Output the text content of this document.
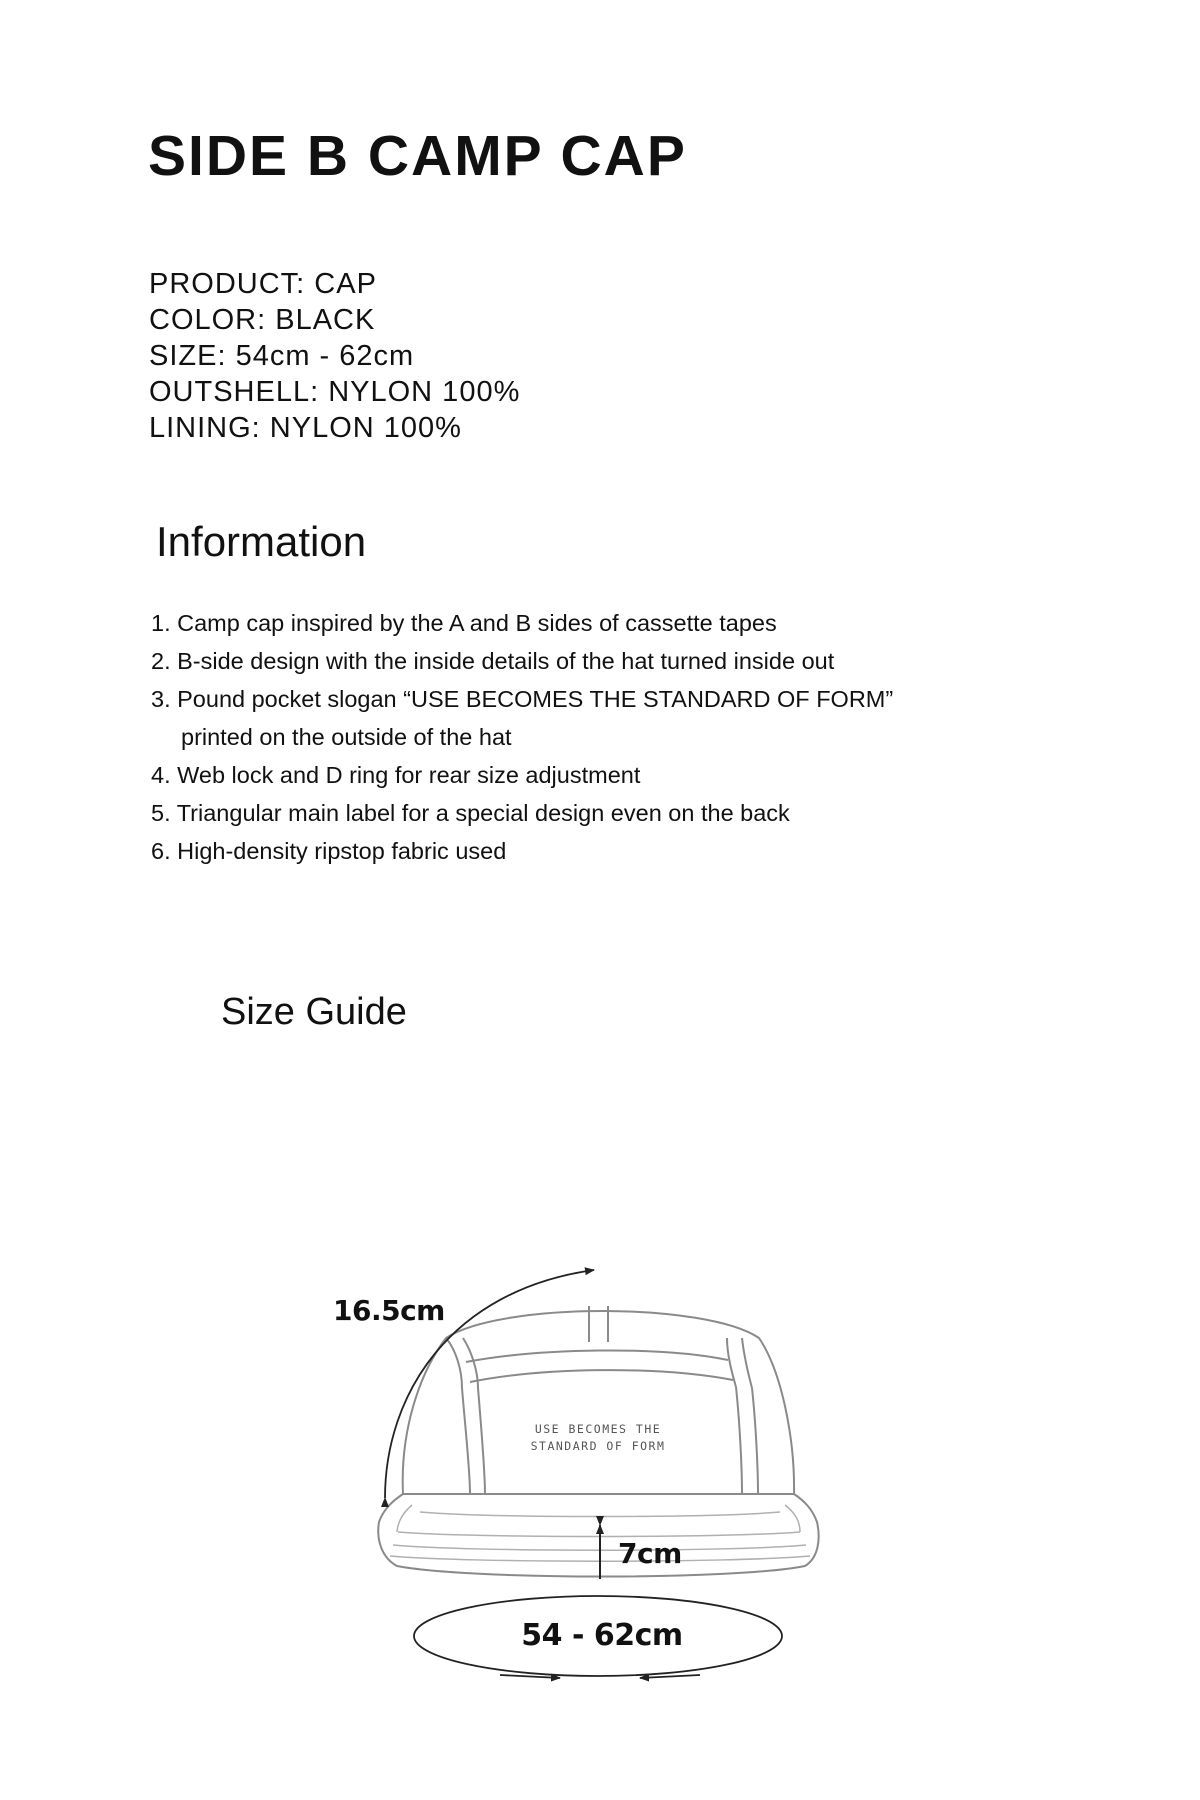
SIDE B CAMP CAP
PRODUCT: CAP
COLOR: BLACK
SIZE: 54cm - 62cm
OUTSHELL: NYLON 100%
LINING: NYLON 100%
Information
1. Camp cap inspired by the A and B sides of cassette tapes
2. B-side design with the inside details of the hat turned inside out
3. Pound pocket slogan “USE BECOMES THE STANDARD OF FORM”
printed on the outside of the hat
4. Web lock and D ring for rear size adjustment
5. Triangular main label for a special design even on the back
6. High-density ripstop fabric used
Size Guide
USE BECOMES THE
STANDARD OF FORM
16.5cm
7cm
54 - 62cm
